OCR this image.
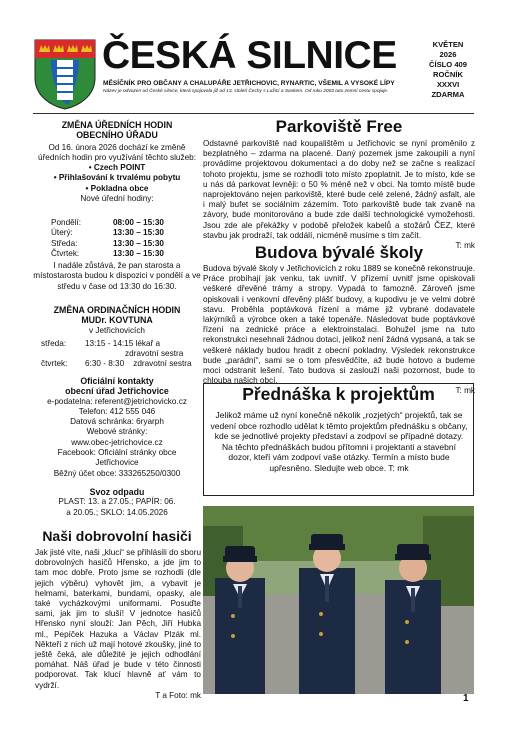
ČESKÁ SILNICE
MĚSÍČNÍK PRO OBČANY A CHALUPÁŘE JETŘICHOVIC, RYNARTIC, VŠEMIL A VYSOKÉ LÍPY
Název je odvozen od České silnice, která spojovala již od 13. století Čechy s Lužicí a Saskem. Od roku 2003 tuto zemní cestu spojuje.
KVĚTEN
2026
ČÍSLO 409
ROČNÍK
XXXVI
ZDARMA
ZMĚNA ÚŘEDNÍCH HODIN
OBECNÍHO ÚŘADU
Od 16. února 2026 dochází ke změně úředních hodin pro využívání těchto služeb:
• Czech POINT
• Přihlašování k trvalému pobytu
• Pokladna obce
Nové úřední hodiny:
Pondělí:	08:00 – 15:30
Úterý:	13:30 – 15:30
Středa:	13:30 – 15:30
Čtvrtek:	13:30 – 15:30
I nadále zůstává, že pan starosta a místostarosta budou k dispozici v pondělí a ve středu v čase od 13:30 do 16:30.
ZMĚNA ORDINAČNÍCH HODIN
MUDr. KOVTUNA
v Jetřichovicích
středa:	13:15 - 14:15 lékař a
zdravotní sestra
čtvrtek:	6:30 - 8:30    zdravotní sestra
Oficiální kontakty
obecní úřad Jetřichovice
e-podatelna: referent@jetrichovicko.cz
Telefon: 412 555 046
Datová schránka: 6ryarph
Webové stránky:
www.obec-jetrichovice.cz
Facebook: Oficiální stránky obce
Jetřichovice
Běžný účet obce: 333265250/0300
Svoz odpadu
PLAST: 13. a 27.05.; PAPÍR: 06.
a 20.05.; SKLO: 14.05.2026
Naši dobrovolní hasiči
Jak jisté víte, naši „kluci“ se přihlásili do sboru dobrovolných hasičů Hřensko, a jde jim to tam moc dobře. Proto jsme se rozhodli (dle jejich výběru) vyhovět jim, a vybavit je helmami, baterkami, bundami, opasky, ale také vycházkovými uniformami. Posuďte sami, jak jim to sluší! V jednotce hasičů Hřensko nyní slouží: Jan Pěch, Jiří Hubka ml., Pepíček Hazuka a Václav Plzák ml. Někteří z nich už mají hotové zkoušky, jiné to ještě čeká, ale důležité je jejich odhodlání pomáhat. Náš úřad je bude v této činnosti podporovat. Tak klucí hlavně ať vám to vydrží.
T a Foto: mk
Parkoviště Free
Odstavné parkoviště nad koupalištěm u Jetřichovic se nyní proměnilo z bezplatného – zdarma na placené. Daný pozemek jsme zakoupili a nyní provádíme projektovou dokumentaci a do doby než se začne s realizací tohoto projektu, jsme se rozhodli toto místo zpoplatnit. Je to místo, kde se u nás dá parkovat levněji: o 50 % méně než v obci. Na tomto místě bude naprojektováno nejen parkoviště, které bude celé zelené, žádný asfalt, ale i malý bufet se sociálním zázemím. Toto parkoviště bude tak zvaně na závory, bude monitorováno a bude zde další technologické vymožehosti. Jsou zde ale překážky v podobě přeložek kabelů a stožárů ČEZ, které stavbu jak prodraží, tak oddálí, nicméně musíme s tím začít.
T: mk
Budova bývalé školy
Budova bývalé školy v Jetřichovicích z roku 1889 se konečně rekonstruuje. Práce probíhají jak venku, tak uvnitř. V přízemí uvnitř jsme opiskovali veškeré dřevěné trámy a stropy. Vypadá to famozně. Zároveň jsme opiskovali i venkovní dřevěný plášť budovy, a kupodivu je ve velmi dobré stavu. Proběhla poptávková řízení a máme již vybrané dodavatele lakýrníků a výrobce oken a také topenáře. Následovat bude poptávkové řízení na zednické práce a elektroinstalaci. Bohužel jsme na tuto rekonstrukci nesehnali žádnou dotaci, jelikož není žádná vypsaná, a tak se veškeré náklady budou hradit z obecní pokladny. Výsledek rekonstrukce bude „parádní“, sami se o tom přesvědčíte, až bude hotovo a budeme moci odstranit lešení. Tato budova si zaslouží naši pozornost, bude to chlouba našich obcí.
T: mk
Přednáška k projektům
Jelikož máme už nyní konečně několik „rozjetých“ projektů, tak se vedení obce rozhodlo udělat k těmto projektům přednášku s občany, kde se jednotlivé projekty představí a zodpoví se případné dotazy. Na těchto přednáškách budou přítomni i projektanti a stavební dozor, kteří vám zodpoví vaše otázky. Termín a místo bude upřesněno. Sledujte web obce. T: mk
1
